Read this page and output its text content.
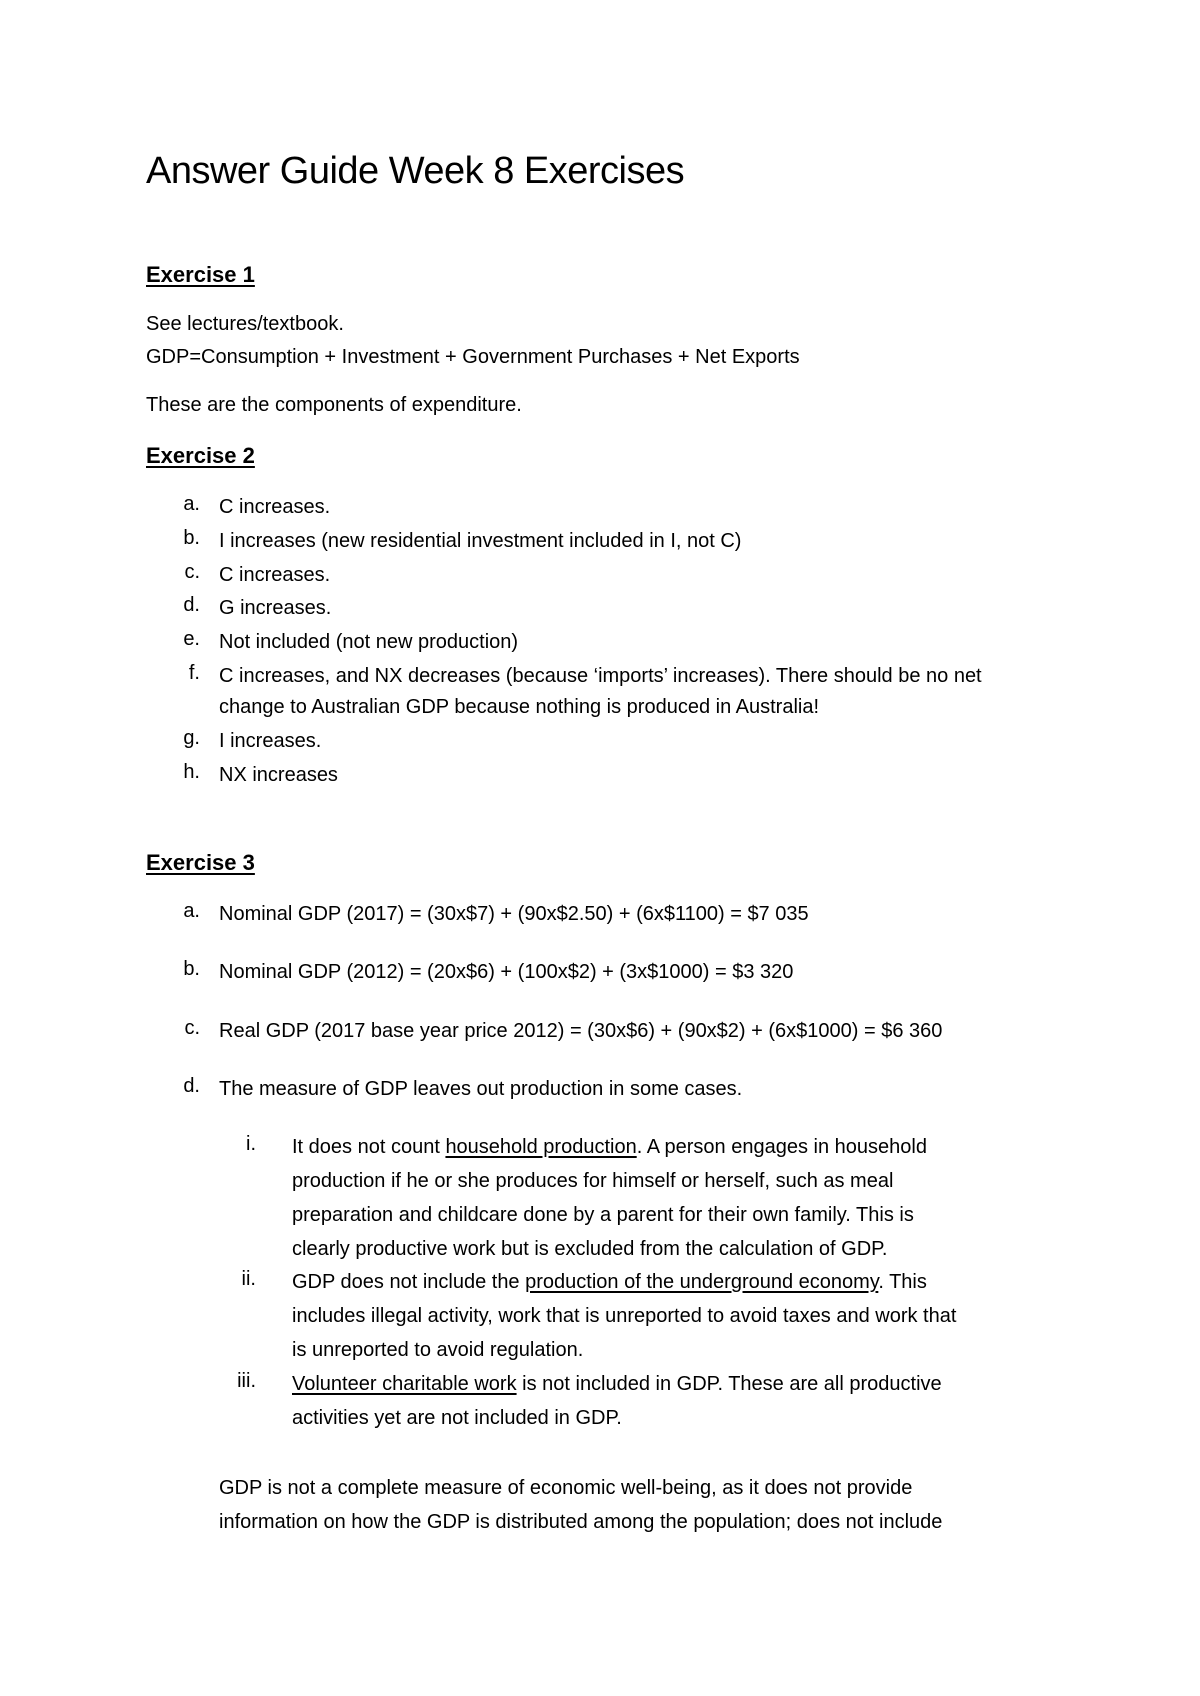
Answer Guide Week 8 Exercises
Exercise 1
See lectures/textbook.
GDP=Consumption + Investment + Government Purchases + Net Exports
These are the components of expenditure.
Exercise 2
a. C increases.
b. I increases (new residential investment included in I, not C)
c. C increases.
d. G increases.
e. Not included (not new production)
f. C increases, and NX decreases (because ‘imports’ increases). There should be no net
change to Australian GDP because nothing is produced in Australia!
g. I increases.
h. NX increases
Exercise 3
a. Nominal GDP (2017) = (30x$7) + (90x$2.50) + (6x$1100) = $7 035
b. Nominal GDP (2012) = (20x$6) + (100x$2) + (3x$1000) = $3 320
c. Real GDP (2017 base year price 2012) = (30x$6) + (90x$2) + (6x$1000) = $6 360
d. The measure of GDP leaves out production in some cases.
i. It does not count household production. A person engages in household
production if he or she produces for himself or herself, such as meal
preparation and childcare done by a parent for their own family. This is
clearly productive work but is excluded from the calculation of GDP.
ii. GDP does not include the production of the underground economy. This
includes illegal activity, work that is unreported to avoid taxes and work that
is unreported to avoid regulation.
iii. Volunteer charitable work is not included in GDP. These are all productive
activities yet are not included in GDP.
GDP is not a complete measure of economic well-being, as it does not provide
information on how the GDP is distributed among the population; does not include
